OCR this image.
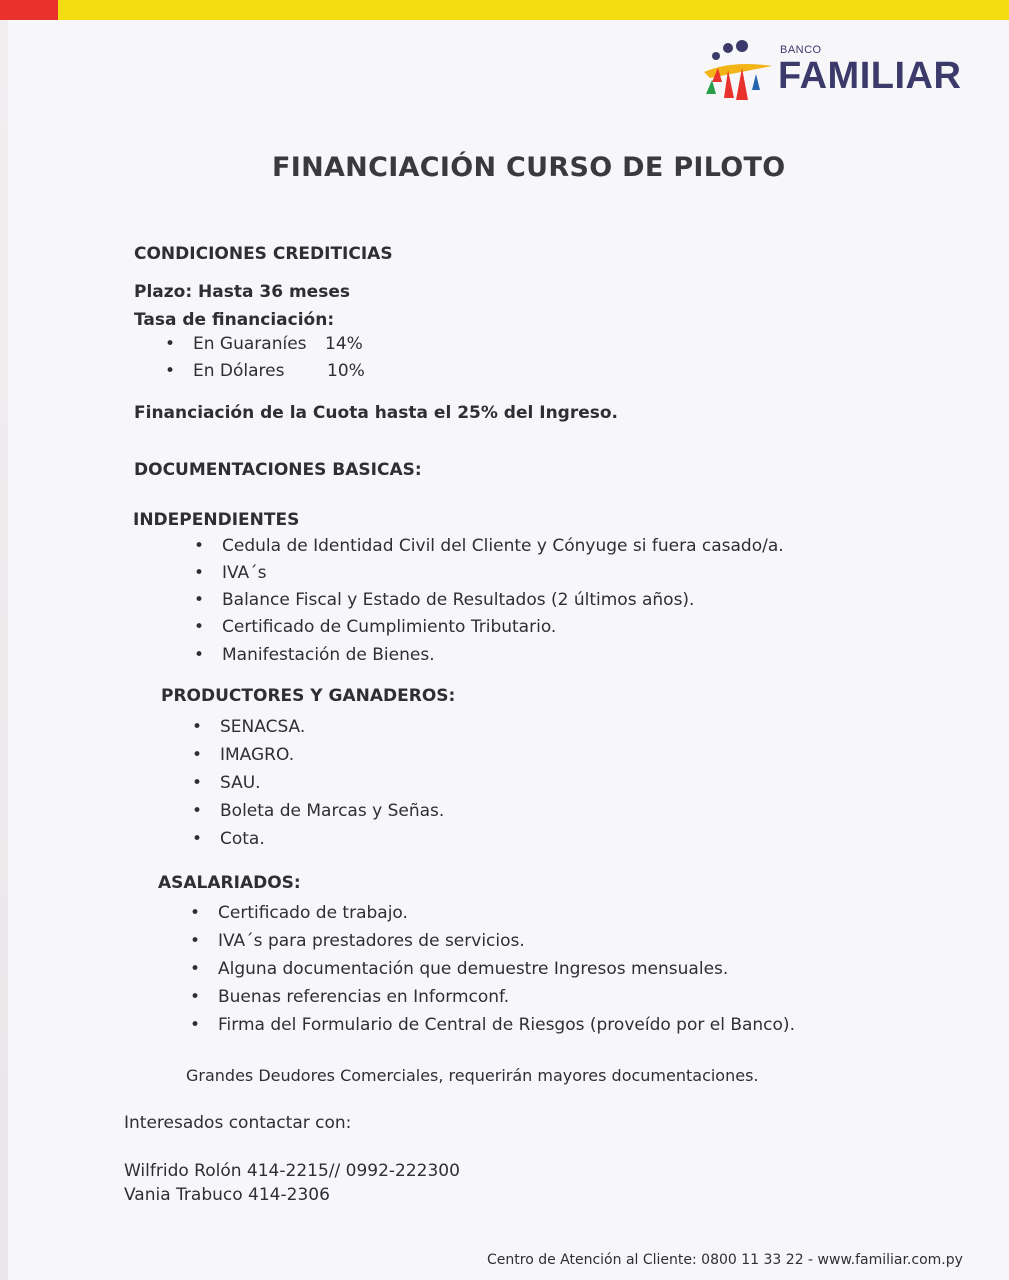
BANCO
FAMILIAR
FINANCIACIÓN CURSO DE PILOTO
CONDICIONES CREDITICIAS
Plazo: Hasta 36 meses
Tasa de financiación:
• En Guaraníes 14%
• En Dólares	10%
Financiación de la Cuota hasta el 25% del Ingreso.
DOCUMENTACIONES BASICAS:
INDEPENDIENTES
• Cedula de Identidad Civil del Cliente y Cónyuge si fuera casado/a.
• IVA´s
• Balance Fiscal y Estado de Resultados (2 últimos años).
• Certificado de Cumplimiento Tributario.
• Manifestación de Bienes.
PRODUCTORES Y GANADEROS:
• SENACSA.
• IMAGRO.
• SAU.
• Boleta de Marcas y Señas.
• Cota.
ASALARIADOS:
• Certificado de trabajo.
• IVA´s para prestadores de servicios.
• Alguna documentación que demuestre Ingresos mensuales.
• Buenas referencias en Informconf.
• Firma del Formulario de Central de Riesgos (proveído por el Banco).
Grandes Deudores Comerciales, requerirán mayores documentaciones.
Interesados contactar con:
Wilfrido Rolón 414-2215// 0992-222300
Vania Trabuco 414-2306
Centro de Atención al Cliente: 0800 11 33 22 - www.familiar.com.py
